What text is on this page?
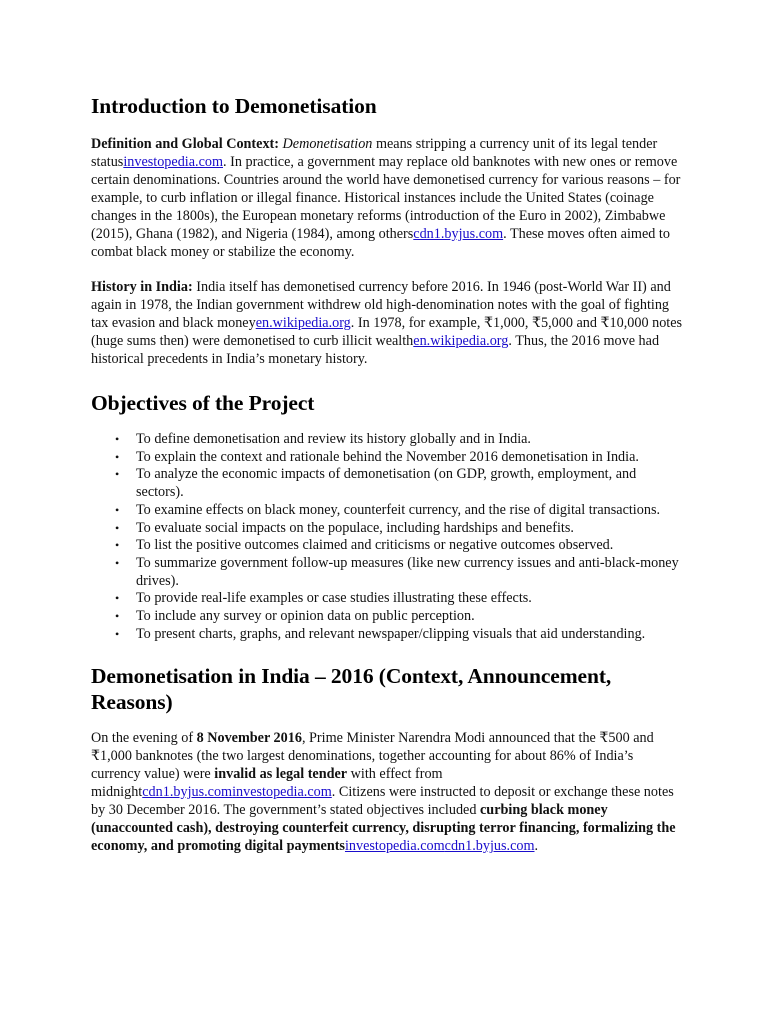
Introduction to Demonetisation

Definition and Global Context: Demonetisation means stripping a currency unit of its legal tender statusinvestopedia.com. In practice, a government may replace old banknotes with new ones or remove certain denominations. Countries around the world have demonetised currency for various reasons – for example, to curb inflation or illegal finance. Historical instances include the United States (coinage changes in the 1800s), the European monetary reforms (introduction of the Euro in 2002), Zimbabwe (2015), Ghana (1982), and Nigeria (1984), among otherscdn1.byjus.com. These moves often aimed to combat black money or stabilize the economy.

History in India: India itself has demonetised currency before 2016. In 1946 (post-World War II) and again in 1978, the Indian government withdrew old high-denomination notes with the goal of fighting tax evasion and black moneyen.wikipedia.org. In 1978, for example, ₹1,000, ₹5,000 and ₹10,000 notes (huge sums then) were demonetised to curb illicit wealthen.wikipedia.org. Thus, the 2016 move had historical precedents in India’s monetary history.

Objectives of the Project
• To define demonetisation and review its history globally and in India.
• To explain the context and rationale behind the November 2016 demonetisation in India.
• To analyze the economic impacts of demonetisation (on GDP, growth, employment, and sectors).
• To examine effects on black money, counterfeit currency, and the rise of digital transactions.
• To evaluate social impacts on the populace, including hardships and benefits.
• To list the positive outcomes claimed and criticisms or negative outcomes observed.
• To summarize government follow-up measures (like new currency issues and anti-black-money drives).
• To provide real-life examples or case studies illustrating these effects.
• To include any survey or opinion data on public perception.
• To present charts, graphs, and relevant newspaper/clipping visuals that aid understanding.
Demonetisation in India – 2016 (Context, Announcement, Reasons)

On the evening of 8 November 2016, Prime Minister Narendra Modi announced that the ₹500 and ₹1,000 banknotes (the two largest denominations, together accounting for about 86% of India’s currency value) were invalid as legal tender with effect from midnightcdn1.byjus.cominvestopedia.com. Citizens were instructed to deposit or exchange these notes by 30 December 2016. The government’s stated objectives included curbing black money (unaccounted cash), destroying counterfeit currency, disrupting terror financing, formalizing the economy, and promoting digital paymentsinvestopedia.comcdn1.byjus.com.
